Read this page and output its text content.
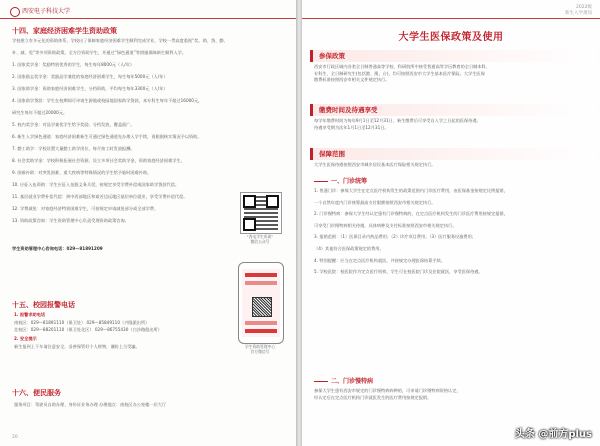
西安电子科技大学
十四、家庭经济困难学生资助政策
学校建立有多元化的资助体系，学校出了保障家庭经济困难学生顺利完成学业，学校一贯高度重视“奖、助、贷、勤、
补、减、免”等多项资助政策，全方位资助学生，并通过“绿色通道”等措施保障新生顺利入学。
1. 国家奖学金：奖励特别优秀的学生，每生每年8000元（人/年）
2. 国家励志奖学金：奖励品学兼优的家庭经济困难学生，每生每年5000元（人/年）
3. 国家助学金：资助家庭经济困难学生，分档资助，平均每生每年3300元（人/年）
4. 国家助学贷款：学生在校期间可申请生源地或校园地国家助学贷款，本专科生每年不超过16000元，
研究生每年不超过20000元。
5. 校内奖学金：对品学兼优学生给予奖励，分档发放，覆盖面广。
6. 新生入学绿色通道：家庭经济困难新生可通过绿色通道先办理入学手续，再根据核实情况予以资助。
7. 勤工助学：学校设置大量勤工助学岗位，每月按工时发放报酬。
8. 社会奖助学金：学校积极拓展社会资源，设立多项社会奖助学金，资助家庭经济困难学生。
9. 困难补助：对突发困难、重大疾病等特殊情况的学生给予临时困难补助。
10. 应征入伍资助：学生应征入伍服义务兵役，按规定享受学费补偿或国家助学贷款代偿。
11. 基层就业学费补偿代偿：到中西部地区和艰苦边远地区基层单位就业，享受学费补偿代偿。
12. 学费减免：对家庭经济特别困难学生，可按规定申请减免部分或全部学费。
13. 资助政策咨询：学生资助管理中心负责受理资助政策咨询。
学生资助管理中心咨询电话：029—81891209
“西电学生资助”
微信公众号
学生资助管理中心
官方微信号
十五、校园报警电话
1. 报警求助电话
南校区：029—81891110（保卫处） 029—85849110（兴隆派出所）
北校区：029—88201110（保卫处北区） 029—86755430（白沙路派出所）
2. 安全提示
新生报到上下车请注意安全，妥善保管好个人财物，谨防上当受骗。
十六、便民服务
服务项目：驾驶员自助办理、身份证业务办理 办理地点：南校区办公室楼一层大厅
20
2022级
新生入学须知
大学生医保政策及使用
参保政策
西安市行政区域内各类全日制普通高等学校、科研院所中接受普通高等学历教育的全日制本科、
专科生、全日制研究生(包括港、澳、台)，均可按照西安市大学生基本医疗保险。大学生医保
缴费标准按照西安市相关文件规定执行。
缴费时间及待遇享受
每学年缴费时间为每年9月1日至12月31日，新生缴费后可享受自入学之日起的医保待遇。
待遇享受期为次年1月1日至12月31日。
保障范围
大学生医保待遇按照西安市城乡居民基本医疗保险相关规定执行。
一、门诊统筹
1. 普通门诊：参保大学生在定点医疗机构发生的政策范围内门诊医疗费用，由医保基金按规定比例报销，
一个自然年度内门诊统筹最高支付限额按照西安市相关规定执行。
2. 门诊慢特病：参保大学生经认定患有门诊慢特病的，在定点医疗机构发生的门诊医疗费用按规定报销，
可享受门诊慢特病相关待遇，具体病种及支付标准按照西安市相关规定执行。
3. 报销范围：（1）医保目录内药品费用；（2）诊疗项目费用；（3）医疗服务设施费用；
（4）其他符合医保政策规定的费用。
4. 特别提醒：应当在定点医疗机构就医，并按规定办理医保结算手续。
5. 学校医院：校医院作为定点医疗机构，学生可在校医院门诊及住院就医，享受医保待遇。
二、门诊慢特病
参保大学生患有西安市规定的门诊慢特病病种的，可申请门诊慢特病资格认定，
经认定后在定点医疗机构门诊就医发生的医疗费用按规定报销。
头条 @前方plus
